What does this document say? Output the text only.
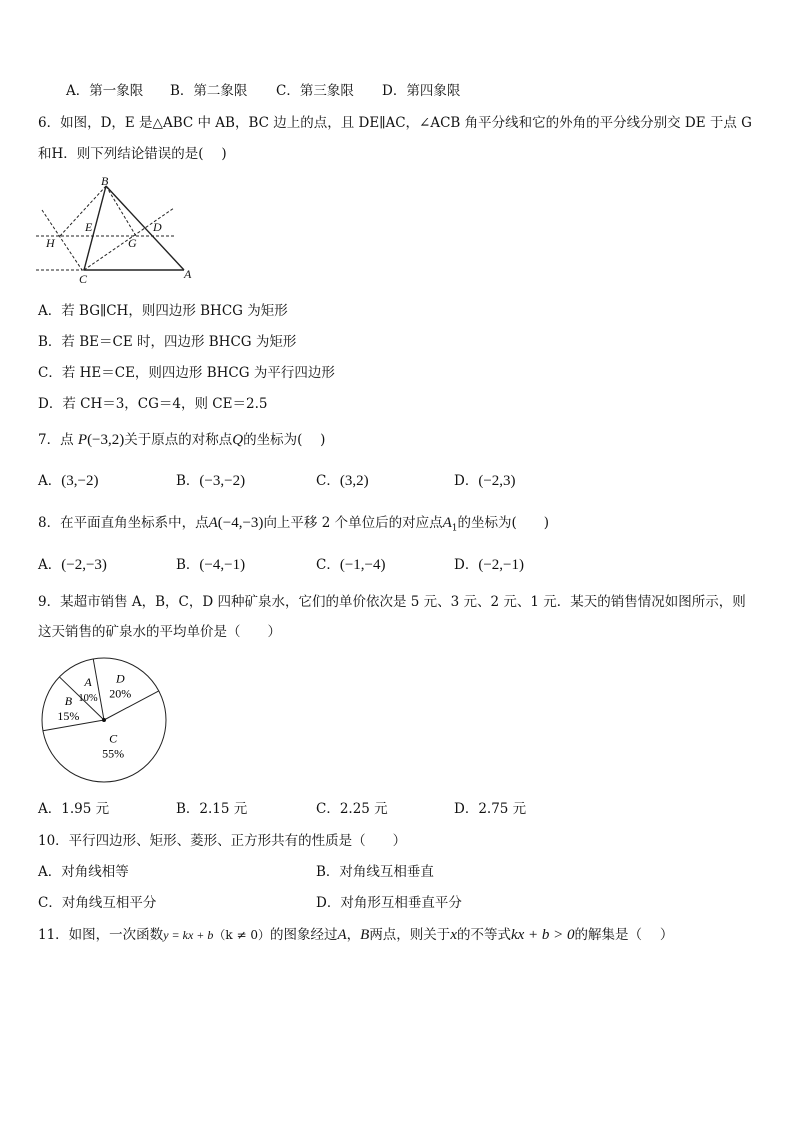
A．第一象限 B．第二象限 C．第三象限 D．第四象限
6．如图，D，E 是△ABC 中 AB，BC 边上的点，且 DE∥AC，∠ACB 角平分线和它的外角的平分线分别交 DE 于点 G
和H．则下列结论错误的是(　 )
B
E	D
H	G
C	A
A．若 BG∥CH，则四边形 BHCG 为矩形
B．若 BE＝CE 时，四边形 BHCG 为矩形
C．若 HE＝CE，则四边形 BHCG 为平行四边形
D．若 CH＝3，CG＝4，则 CE＝2.5
7．点 P(−3,2)关于原点的对称点Q的坐标为(　 )
A．(3,−2)	B．(−3,−2)	C．(3,2)	D．(−2,3)
8．在平面直角坐标系中，点A(−4,−3)向上平移 2 个单位后的对应点$A_1$的坐标为(　　)
A．(−2,−3)	B．(−4,−1)	C．(−1,−4)	D．(−2,−1)
9．某超市销售 A，B，C，D 四种矿泉水，它们的单价依次是 5 元、3 元、2 元、1 元．某天的销售情况如图所示，则
这天销售的矿泉水的平均单价是（　　）
D
20%
C
55%
B
15%
A
10%
A．1.95 元	B．2.15 元	C．2.25 元	D．2.75 元
10．平行四边形、矩形、菱形、正方形共有的性质是（　　）
A．对角线相等	B．对角线互相垂直
C．对角线互相平分	D．对角形互相垂直平分
11．如图，一次函数y = kx + b（k ≠ 0）的图象经过A，B两点，则关于x的不等式kx + b > 0的解集是（　 ）
